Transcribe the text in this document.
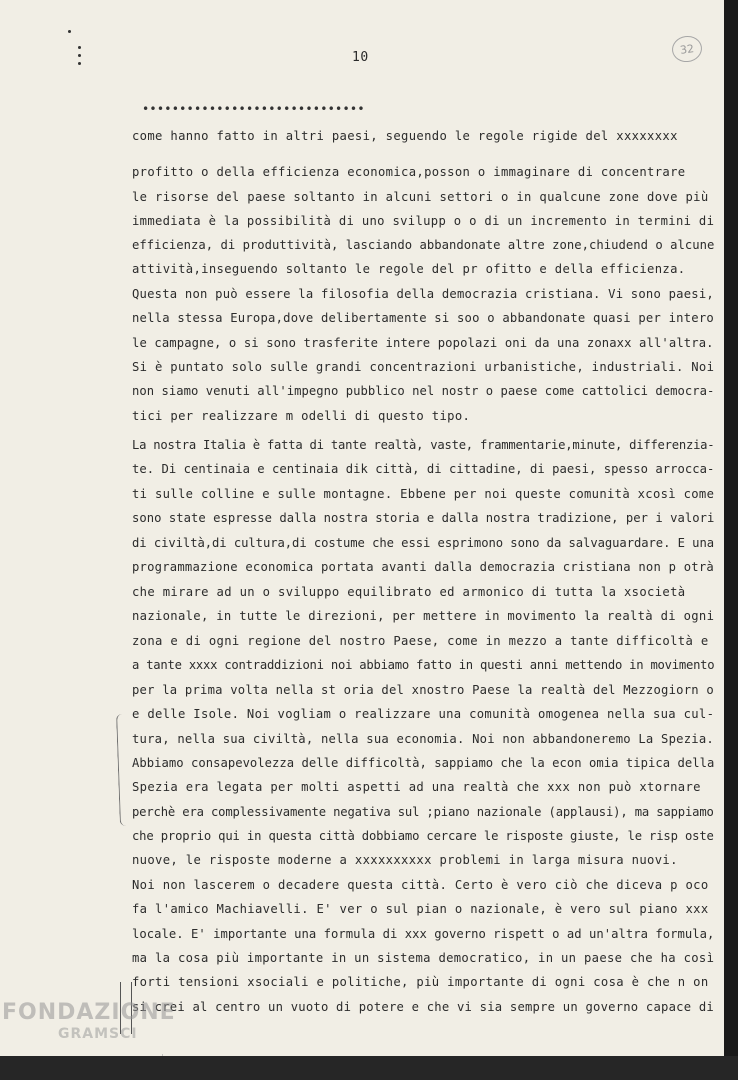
10
32
••••••••••••••••••••••••••••••
come hanno fatto in altri paesi, seguendo le regole rigide del xxxxxxxx
profitto o della efficienza economica,posson o immaginare di concentrare
le risorse del paese soltanto in alcuni settori o in qualcune zone dove più
immediata è la possibilità di uno svilupp o o di un incremento in termini di
efficienza, di produttività, lasciando abbandonate altre zone,chiudend o alcune
attività,inseguendo soltanto le regole del pr ofitto e della efficienza.
Questa non può essere la filosofia della democrazia cristiana. Vi sono paesi,
nella stessa Europa,dove delibertamente si soo o abbandonate quasi per intero
le campagne, o si sono trasferite intere popolazi oni da una zonaxx all'altra.
Si è puntato solo sulle grandi concentrazioni urbanistiche, industriali. Noi
non siamo venuti all'impegno pubblico nel nostr o paese come cattolici democra-
tici per realizzare m odelli di questo tipo.
La nostra Italia è fatta di tante realtà, vaste, frammentarie,minute, differenzia-
te. Di centinaia e centinaia dik città, di cittadine, di paesi, spesso arrocca-
ti sulle colline e sulle montagne. Ebbene per noi queste comunità xcosì come
sono state espresse dalla nostra storia e dalla nostra tradizione, per i valori
di civiltà,di cultura,di costume che essi esprimono sono da salvaguardare. E una
programmazione economica portata avanti dalla democrazia cristiana non p otrà
che mirare ad un o sviluppo equilibrato ed armonico di tutta la xsocietà
nazionale, in tutte le direzioni, per mettere in movimento la realtà di ogni
zona e di ogni regione del nostro Paese, come in mezzo a tante difficoltà e
a tante xxxx contraddizioni noi abbiamo fatto in questi anni mettendo in movimento
per la prima volta nella st oria del xnostro Paese la realtà del Mezzogiorn o
e delle Isole. Noi vogliam o realizzare una comunità omogenea nella sua cul-
tura, nella sua civiltà, nella sua economia. Noi non abbandoneremo La Spezia.
Abbiamo consapevolezza delle difficoltà, sappiamo che la econ omia tipica della
Spezia era legata per molti aspetti ad una realtà che xxx non può xtornare
perchè era complessivamente negativa sul ;piano nazionale (applausi), ma sappiamo
che proprio qui in questa città dobbiamo cercare le risposte giuste, le risp oste
nuove, le risposte moderne a xxxxxxxxxx problemi in larga misura nuovi.
Noi non lascerem o decadere questa città. Certo è vero ciò che diceva p oco
fa l'amico Machiavelli. E' ver o sul pian o nazionale, è vero sul piano xxx
locale. E' importante una formula di xxx governo rispett o ad un'altra formula,
ma la cosa più importante in un sistema democratico, in un paese che ha così
forti tensioni xsociali e politiche, più importante di ogni cosa è che n on
si crei al centro un vuoto di potere e che vi sia sempre un governo capace di
FONDAZIONE
GRAMSCI
